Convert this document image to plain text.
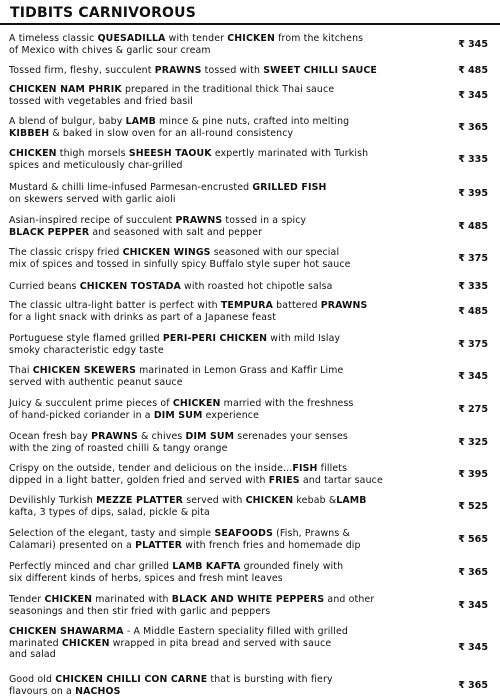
TIDBITS CARNIVOROUS
A timeless classic QUESADILLA with tender CHICKEN from the kitchens
of Mexico with chives & garlic sour cream	₹ 345
Tossed firm, fleshy, succulent PRAWNS tossed with SWEET CHILLI SAUCE	₹ 485
CHICKEN NAM PHRIK prepared in the traditional thick Thai sauce
tossed with vegetables and fried basil	₹ 345
A blend of bulgur, baby LAMB mince & pine nuts, crafted into melting
KIBBEH & baked in slow oven for an all-round consistency	₹ 365
CHICKEN thigh morsels SHEESH TAOUK expertly marinated with Turkish
spices and meticulously char-grilled	₹ 335
Mustard & chilli lime-infused Parmesan-encrusted GRILLED FISH
on skewers served with garlic aioli	₹ 395
Asian-inspired recipe of succulent PRAWNS tossed in a spicy
BLACK PEPPER and seasoned with salt and pepper	₹ 485
The classic crispy fried CHICKEN WINGS seasoned with our special
mix of spices and tossed in sinfully spicy Buffalo style super hot sauce	₹ 375
Curried beans CHICKEN TOSTADA with roasted hot chipotle salsa	₹ 335
The classic ultra-light batter is perfect with TEMPURA battered PRAWNS
for a light snack with drinks as part of a Japanese feast	₹ 485
Portuguese style flamed grilled PERI-PERI CHICKEN with mild Islay
smoky characteristic edgy taste	₹ 375
Thai CHICKEN SKEWERS marinated in Lemon Grass and Kaffir Lime
served with authentic peanut sauce	₹ 345
Juicy & succulent prime pieces of CHICKEN married with the freshness
of hand-picked coriander in a DIM SUM experience	₹ 275
Ocean fresh bay PRAWNS & chives DIM SUM serenades your senses
with the zing of roasted chilli & tangy orange	₹ 325
Crispy on the outside, tender and delicious on the inside...FISH fillets
dipped in a light batter, golden fried and served with FRIES and tartar sauce	₹ 395
Devilishly Turkish MEZZE PLATTER served with CHICKEN kebab &LAMB
kafta, 3 types of dips, salad, pickle & pita	₹ 525
Selection of the elegant, tasty and simple SEAFOODS (Fish, Prawns &
Calamari) presented on a PLATTER with french fries and homemade dip	₹ 565
Perfectly minced and char grilled LAMB KAFTA grounded finely with
six different kinds of herbs, spices and fresh mint leaves	₹ 365
Tender CHICKEN marinated with BLACK AND WHITE PEPPERS and other
seasonings and then stir fried with garlic and peppers	₹ 345
CHICKEN SHAWARMA - A Middle Eastern speciality filled with grilled
marinated CHICKEN wrapped in pita bread and served with sauce
and salad
₹ 345
Good old CHICKEN CHILLI CON CARNE that is bursting with fiery
flavours on a NACHOS	₹ 365
